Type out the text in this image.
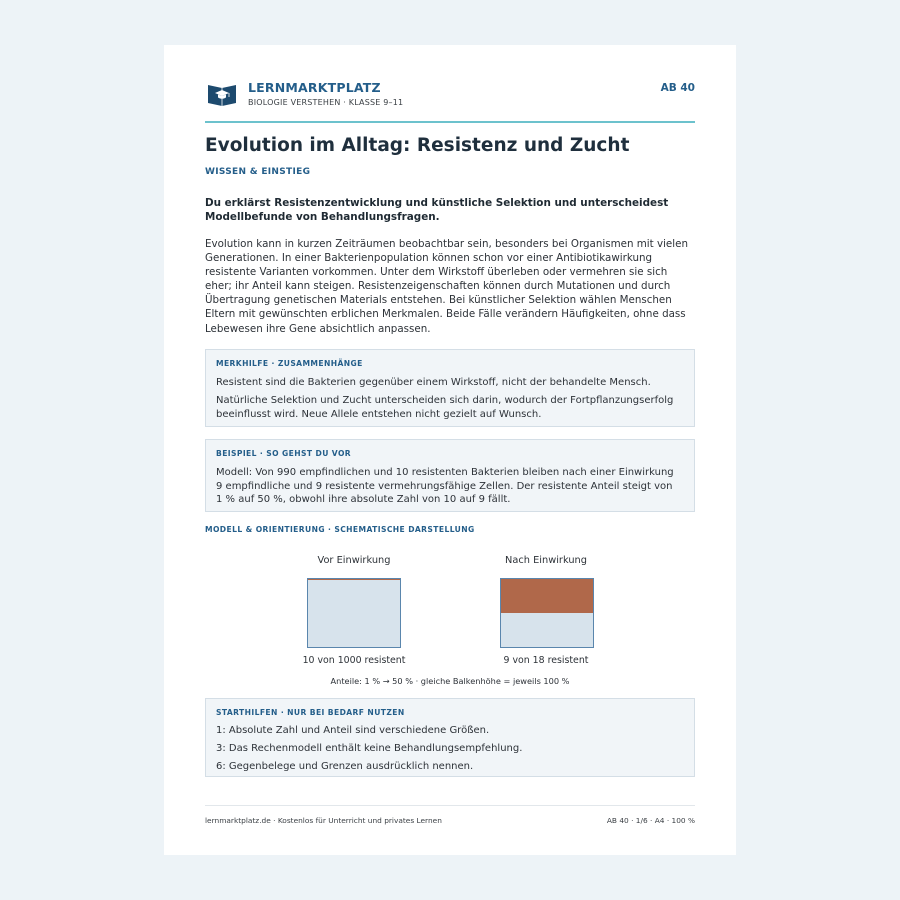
LERNMARKTPLATZ
BIOLOGIE VERSTEHEN · KLASSE 9–11
AB 40
Evolution im Alltag: Resistenz und Zucht
WISSEN & EINSTIEG
Du erklärst Resistenzentwicklung und künstliche Selektion und unterscheidest Modellbefunde von Behandlungsfragen.
Evolution kann in kurzen Zeiträumen beobachtbar sein, besonders bei Organismen mit vielen Generationen. In einer Bakterienpopulation können schon vor einer Antibiotikawirkung resistente Varianten vorkommen. Unter dem Wirkstoff überleben oder vermehren sie sich eher; ihr Anteil kann steigen. Resistenzeigenschaften können durch Mutationen und durch Übertragung genetischen Materials entstehen. Bei künstlicher Selektion wählen Menschen Eltern mit gewünschten erblichen Merkmalen. Beide Fälle verändern Häufigkeiten, ohne dass Lebewesen ihre Gene absichtlich anpassen.
MERKHILFE · ZUSAMMENHÄNGE
Resistent sind die Bakterien gegenüber einem Wirkstoff, nicht der behandelte Mensch.
Natürliche Selektion und Zucht unterscheiden sich darin, wodurch der Fortpflanzungserfolg beeinflusst wird. Neue Allele entstehen nicht gezielt auf Wunsch.
BEISPIEL · SO GEHST DU VOR
Modell: Von 990 empfindlichen und 10 resistenten Bakterien bleiben nach einer Einwirkung 9 empfindliche und 9 resistente vermehrungsfähige Zellen. Der resistente Anteil steigt von 1 % auf 50 %, obwohl ihre absolute Zahl von 10 auf 9 fällt.
MODELL & ORIENTIERUNG · SCHEMATISCHE DARSTELLUNG
Vor Einwirkung	Nach Einwirkung
10 von 1000 resistent	9 von 18 resistent
Anteile: 1 % → 50 % · gleiche Balkenhöhe = jeweils 100 %
STARTHILFEN · NUR BEI BEDARF NUTZEN
1: Absolute Zahl und Anteil sind verschiedene Größen.
3: Das Rechenmodell enthält keine Behandlungsempfehlung.
6: Gegenbelege und Grenzen ausdrücklich nennen.
lernmarktplatz.de · Kostenlos für Unterricht und privates Lernen	AB 40 · 1/6 · A4 · 100 %
